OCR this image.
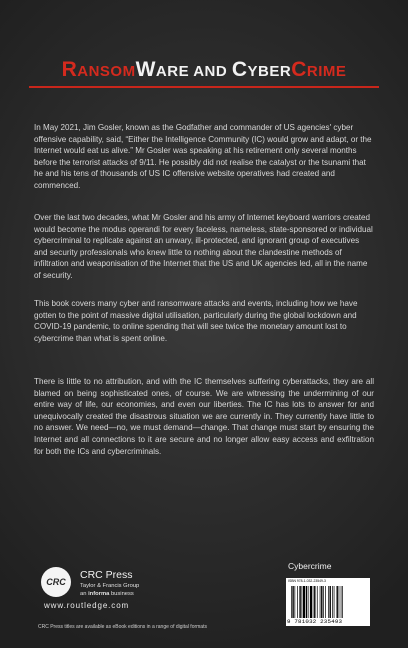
RANSOMWARE AND CYBERCRIME

In May 2021, Jim Gosler, known as the Godfather and commander of US agencies' cyber offensive capability, said, “Either the Intelligence Community (IC) would grow and adapt, or the Internet would eat us alive.” Mr Gosler was speaking at his retirement only several months before the terrorist attacks of 9/11. He possibly did not realise the catalyst or the tsunami that he and his tens of thousands of US IC offensive website operatives had created and commenced.

Over the last two decades, what Mr Gosler and his army of Internet keyboard warriors created would become the modus operandi for every faceless, nameless, state-sponsored or individual cybercriminal to replicate against an unwary, ill-protected, and ignorant group of executives and security professionals who knew little to nothing about the clandestine methods of infiltration and weaponisation of the Internet that the US and UK agencies led, all in the name of security.

This book covers many cyber and ransomware attacks and events, including how we have gotten to the point of massive digital utilisation, particularly during the global lockdown and COVID-19 pandemic, to online spending that will see twice the monetary amount lost to cybercrime than what is spent online.

There is little to no attribution, and with the IC themselves suffering cyberattacks, they are all blamed on being sophisticated ones, of course. We are witnessing the undermining of our entire way of life, our economies, and even our liberties. The IC has lots to answer for and unequivocally created the disastrous situation we are currently in. They currently have little to no answer. We need—no, we must demand—change. That change must start by ensuring the Internet and all connections to it are secure and no longer allow easy access and exfiltration for both the ICs and cybercriminals.

CRC
CRC Press
Taylor & Francis Group
an informa business
www.routledge.com
CRC Press titles are available as eBook editions in a range of digital formats
Cybercrime
ISBN 978-1-032-23549-3
9 781032 235493
